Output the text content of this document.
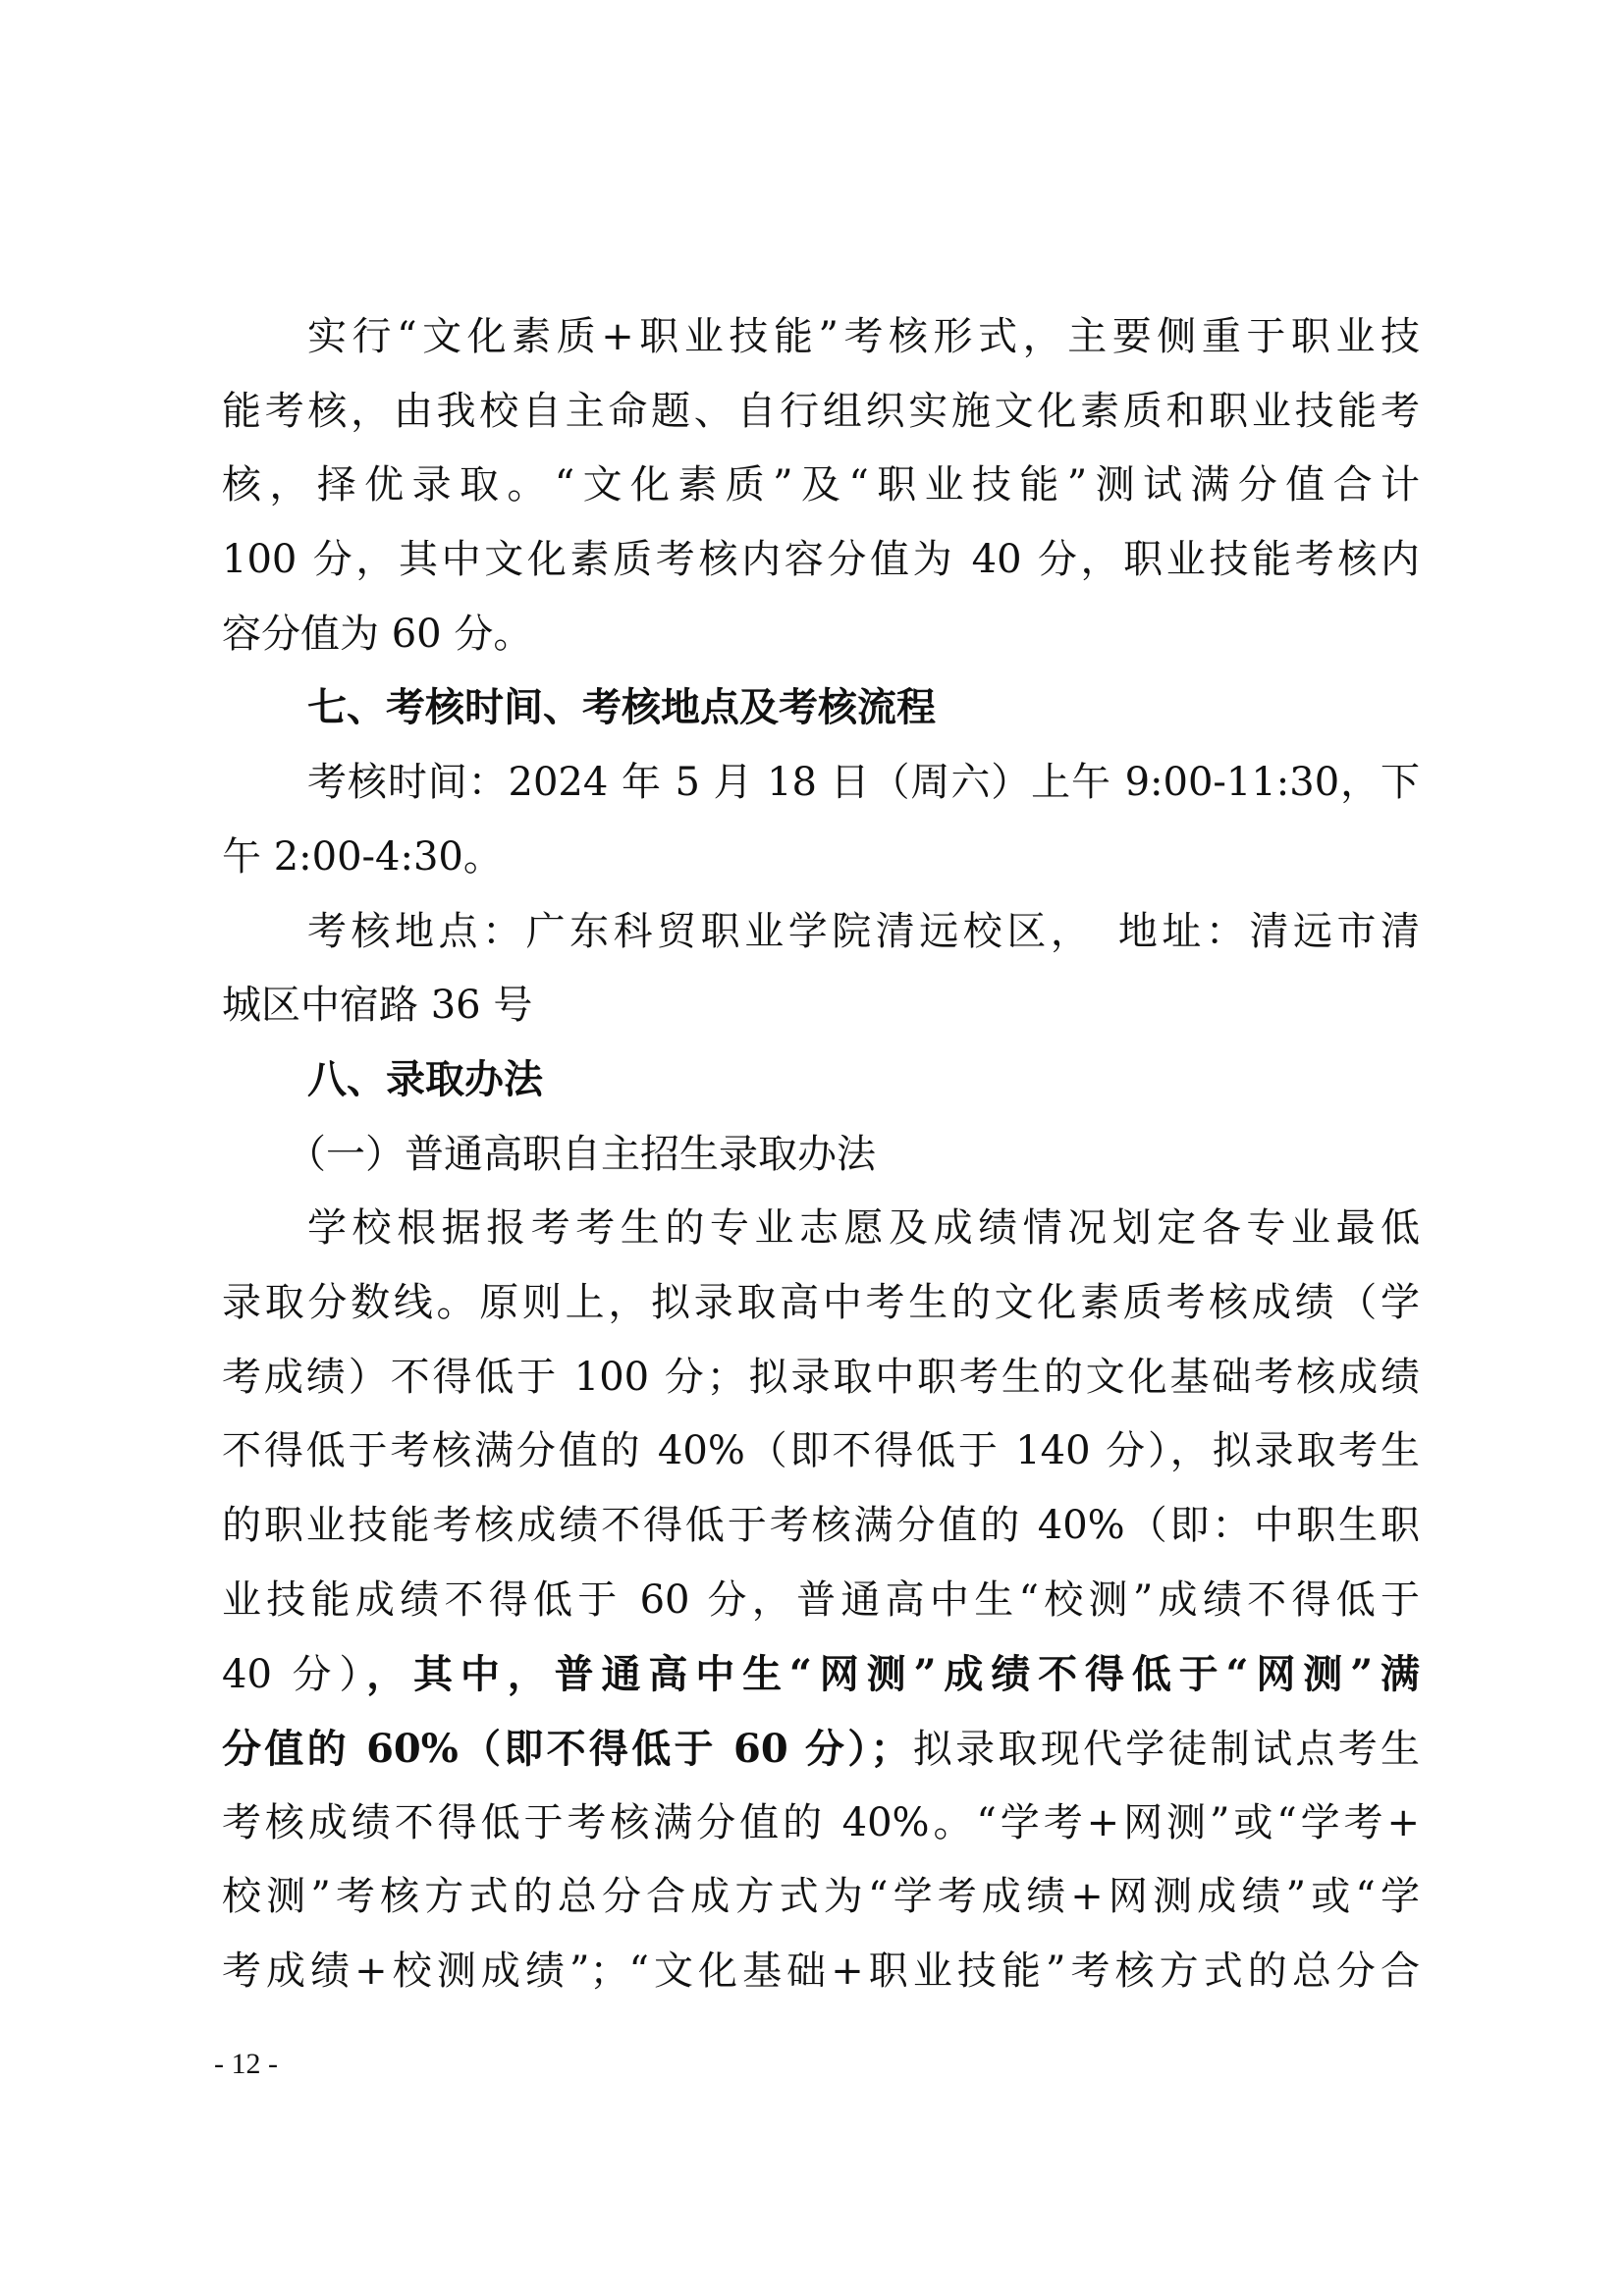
实行“文化素质+职业技能”考核形式，主要侧重于职业技
能考核，由我校自主命题、自行组织实施文化素质和职业技能考
核，择优录取。“文化素质”及“职业技能”测试满分值合计
100 分，其中文化素质考核内容分值为 40 分，职业技能考核内
容分值为 60 分。
七、考核时间、考核地点及考核流程
考核时间：2024 年 5 月 18 日（周六）上午 9:00-11:30，下
午 2:00-4:30。
考核地点：广东科贸职业学院清远校区，　地址：清远市清
城区中宿路 36 号
八、录取办法
（一）普通高职自主招生录取办法
学校根据报考考生的专业志愿及成绩情况划定各专业最低
录取分数线。原则上，拟录取高中考生的文化素质考核成绩（学
考成绩）不得低于 100 分；拟录取中职考生的文化基础考核成绩
不得低于考核满分值的 40%（即不得低于 140 分），拟录取考生
的职业技能考核成绩不得低于考核满分值的 40%（即：中职生职
业技能成绩不得低于 60 分，普通高中生“校测”成绩不得低于
40 分），其中，普通高中生“网测”成绩不得低于“网测”满
分值的 60%（即不得低于 60 分）；拟录取现代学徒制试点考生
考核成绩不得低于考核满分值的 40%。“学考+网测”或“学考+
校测”考核方式的总分合成方式为“学考成绩+网测成绩”或“学
考成绩+校测成绩”；“文化基础+职业技能”考核方式的总分合
- 12 -
